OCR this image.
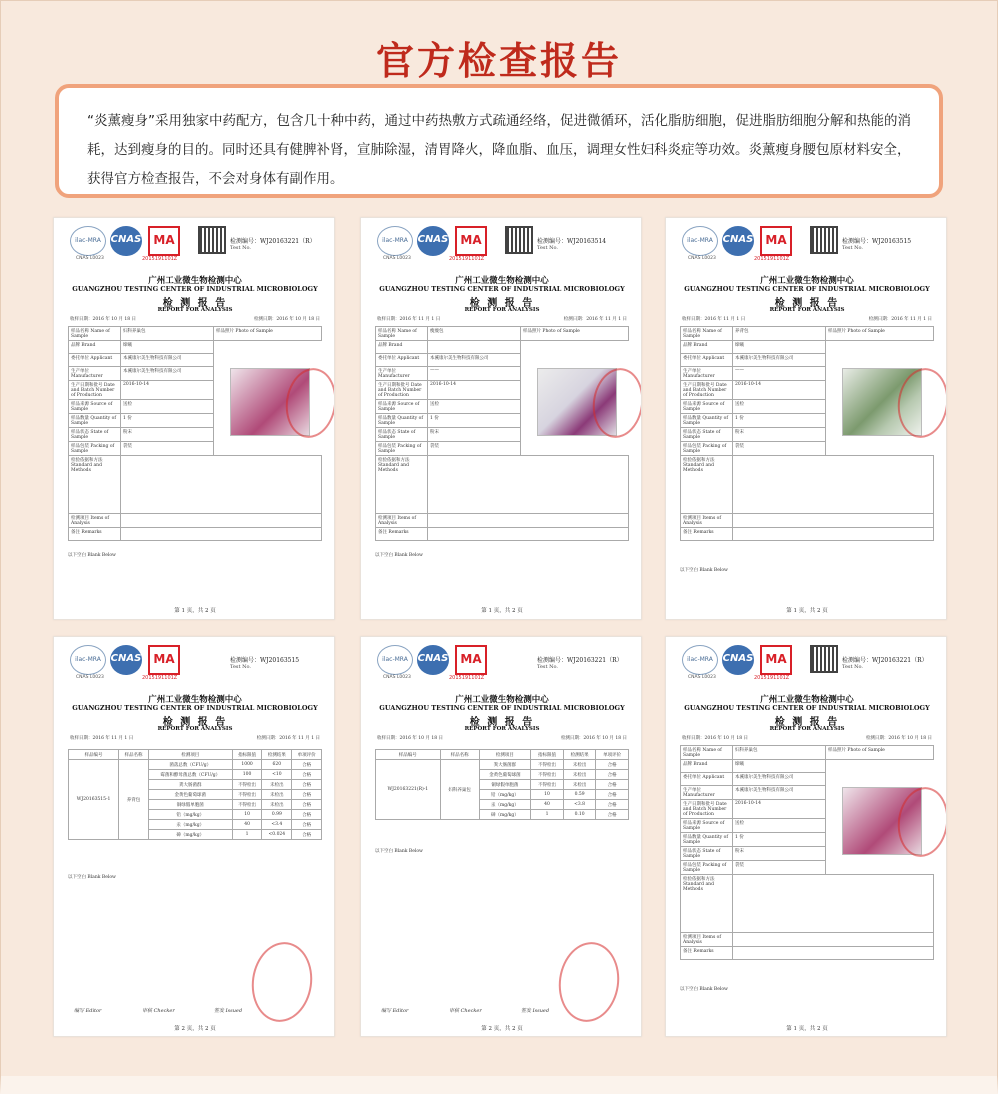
官方检查报告
“炎薰瘦身”采用独家中药配方，包含几十种中药，通过中药热敷方式疏通经络，促进微循环，活化脂肪细胞，促进脂肪细胞分解和热能的消耗，达到瘦身的目的。同时还具有健脾补肾，宣肺除湿，清胃降火，降血脂、血压，调理女性妇科炎症等功效。炎薰瘦身腰包原材料安全，获得官方检查报告，不会对身体有副作用。
ilac-MRA CNAS	MA
2015191101Z
CNAS L0023
检测编号：WJ20163221（R）
Test No.
广州工业微生物检测中心
GUANGZHOU TESTING CENTER OF INDUSTRIAL MICROBIOLOGY
检 测 报 告
REPORT FOR ANALYSIS
收样日期：2016 年 10 月 18 日	检测日期：2016 年 10 月 18 日
样品名称 Name of Sample	妇科养巢包	样品照片 Photo of Sample
品牌 Brand	缔曦	
委托单位 Applicant	本溪康尔美生物科技有限公司	
生产单位 Manufacturer	本溪康尔美生物科技有限公司	
生产日期和批号 Date and Batch Number of Production	2016-10-14	
样品来源 Source of Sample	送检	
样品数量 Quantity of Sample	1 份	
样品状态 State of Sample	粉末	
样品包装 Packing of Sample	袋装	
检验依据和方法 Standard and Methods		
检测项目 Items of Analysis		
备注 Remarks		
以下空白 Blank Below
第 1 页，共 2 页
ilac-MRA CNAS	MA
2015191101Z
CNAS L0023
检测编号：WJ20163514
Test No.
广州工业微生物检测中心
GUANGZHOU TESTING CENTER OF INDUSTRIAL MICROBIOLOGY
检 测 报 告
REPORT FOR ANALYSIS
收样日期：2016 年 11 月 1 日	检测日期：2016 年 11 月 1 日
样品名称 Name of Sample	瘦瘦包	样品照片 Photo of Sample
品牌 Brand		
委托单位 Applicant	本溪康尔美生物科技有限公司	
生产单位 Manufacturer	——	
生产日期和批号 Date and Batch Number of Production	2016-10-14	
样品来源 Source of Sample	送检	
样品数量 Quantity of Sample	1 份	
样品状态 State of Sample	粉末	
样品包装 Packing of Sample	袋装	
检验依据和方法 Standard and Methods		
检测项目 Items of Analysis		
备注 Remarks		
以下空白 Blank Below
第 1 页，共 2 页
ilac-MRA CNAS	MA
2015191101Z
CNAS L0023
检测编号：WJ20163515
Test No.
广州工业微生物检测中心
GUANGZHOU TESTING CENTER OF INDUSTRIAL MICROBIOLOGY
检 测 报 告
REPORT FOR ANALYSIS
收样日期：2016 年 11 月 1 日	检测日期：2016 年 11 月 1 日
样品名称 Name of Sample	养背包	样品照片 Photo of Sample
品牌 Brand	缔曦	
委托单位 Applicant	本溪康尔美生物科技有限公司	
生产单位 Manufacturer	——	
生产日期和批号 Date and Batch Number of Production	2016-10-14	
样品来源 Source of Sample	送检	
样品数量 Quantity of Sample	1 份	
样品状态 State of Sample	粉末	
样品包装 Packing of Sample	袋装	
检验依据和方法 Standard and Methods		
检测项目 Items of Analysis		
备注 Remarks		
以下空白 Blank Below
第 1 页，共 2 页
ilac-MRA CNAS	MA
2015191101Z
CNAS L0023
检测编号：WJ20163515
Test No.
广州工业微生物检测中心
GUANGZHOU TESTING CENTER OF INDUSTRIAL MICROBIOLOGY
检 测 报 告
REPORT FOR ANALYSIS
收样日期：2016 年 11 月 1 日	检测日期：2016 年 11 月 1 日
样品编号	样品名称	检测项目	指标限值	检测结果	单项评价
WJ20163515-1	养背包	菌落总数（CFU/g）	1000	620	合格
		霉菌和酵母菌总数（CFU/g）	100	<10	合格
		粪大肠菌群	不得检出	未检出	合格
		金黄色葡萄球菌	不得检出	未检出	合格
		铜绿假单胞菌	不得检出	未检出	合格
		铅（mg/kg）	10	0.99	合格
		汞（mg/kg）	40	<3.4	合格
		砷（mg/kg）	1	<0.024	合格
以下空白 Blank Below
编写 Editor	审核 Checker	签发 Issued
第 2 页，共 2 页
ilac-MRA CNAS	MA
2015191101Z
CNAS L0023
检测编号：WJ20163221（R）
Test No.
广州工业微生物检测中心
GUANGZHOU TESTING CENTER OF INDUSTRIAL MICROBIOLOGY
检 测 报 告
REPORT FOR ANALYSIS
收样日期：2016 年 10 月 18 日	检测日期：2016 年 10 月 18 日
样品编号	样品名称	检测项目	指标限值	检测结果	单项评价
WJ20163221(R)-1	妇科养巢包	粪大肠菌群	不得检出	未检出	合格
		金黄色葡萄球菌	不得检出	未检出	合格
		铜绿假单胞菌	不得检出	未检出	合格
		铅（mg/kg）	10	0.59	合格
		汞（mg/kg）	40	<3.8	合格
		砷（mg/kg）	1	0.10	合格
以下空白 Blank Below
编写 Editor	审核 Checker	签发 Issued
第 2 页，共 2 页
ilac-MRA CNAS	MA
2015191101Z
CNAS L0023
检测编号：WJ20163221（R）
Test No.
广州工业微生物检测中心
GUANGZHOU TESTING CENTER OF INDUSTRIAL MICROBIOLOGY
检 测 报 告
REPORT FOR ANALYSIS
收样日期：2016 年 10 月 18 日	检测日期：2016 年 10 月 18 日
样品名称 Name of Sample	妇科养巢包	样品照片 Photo of Sample
品牌 Brand	缔曦	
委托单位 Applicant	本溪康尔美生物科技有限公司	
生产单位 Manufacturer	本溪康尔美生物科技有限公司	
生产日期和批号 Date and Batch Number of Production	2016-10-14	
样品来源 Source of Sample	送检	
样品数量 Quantity of Sample	1 份	
样品状态 State of Sample	粉末	
样品包装 Packing of Sample	袋装	
检验依据和方法 Standard and Methods		
检测项目 Items of Analysis		
备注 Remarks		
以下空白 Blank Below
第 1 页，共 2 页
